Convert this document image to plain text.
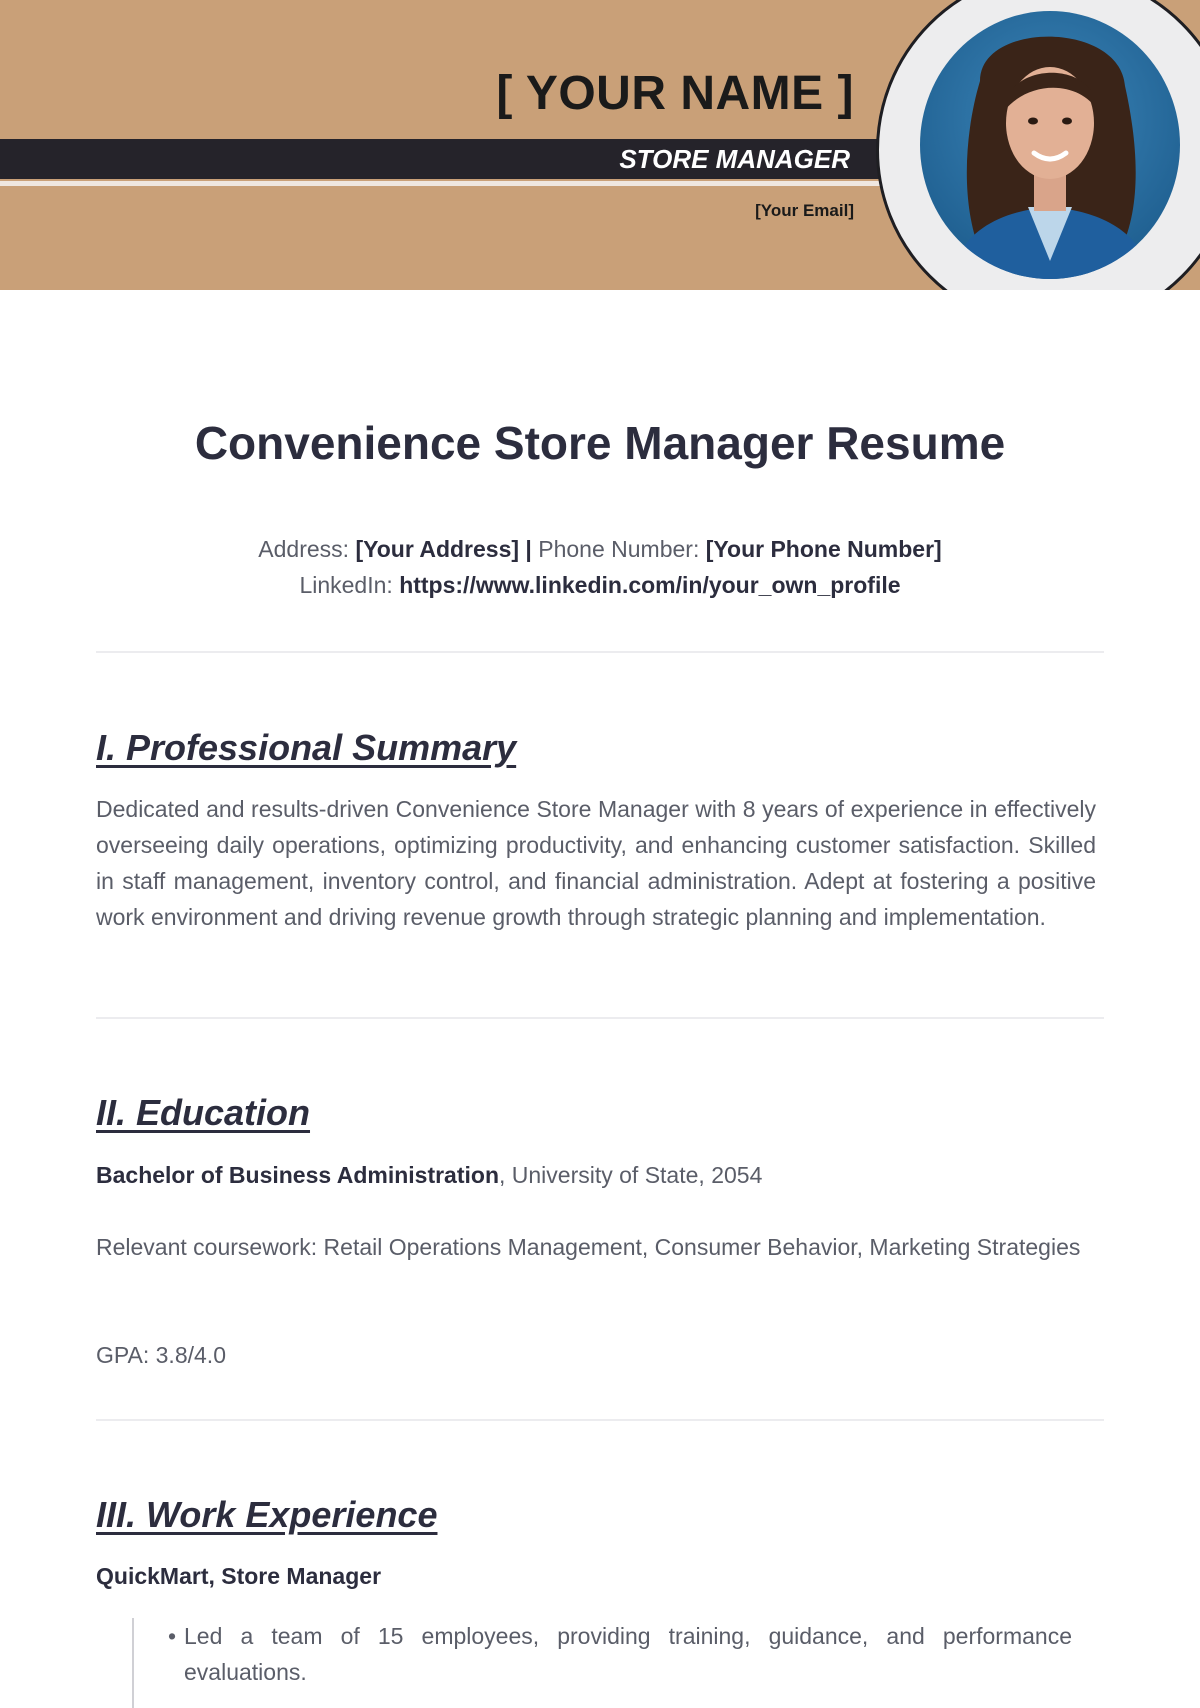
[ YOUR NAME ]
STORE MANAGER
[Your Email]
Convenience Store Manager Resume
Address: [Your Address] | Phone Number: [Your Phone Number]
LinkedIn: https://www.linkedin.com/in/your_own_profile
I. Professional Summary

Dedicated and results-driven Convenience Store Manager with 8 years of experience in effectively overseeing daily operations, optimizing productivity, and enhancing customer satisfaction. Skilled in staff management, inventory control, and financial administration. Adept at fostering a positive work environment and driving revenue growth through strategic planning and implementation.

II. Education

Bachelor of Business Administration, University of State, 2054

Relevant coursework: Retail Operations Management, Consumer Behavior, Marketing Strategies

GPA: 3.8/4.0

III. Work Experience

QuickMart, Store Manager

• Led a team of 15 employees, providing training, guidance, and performance evaluations.
